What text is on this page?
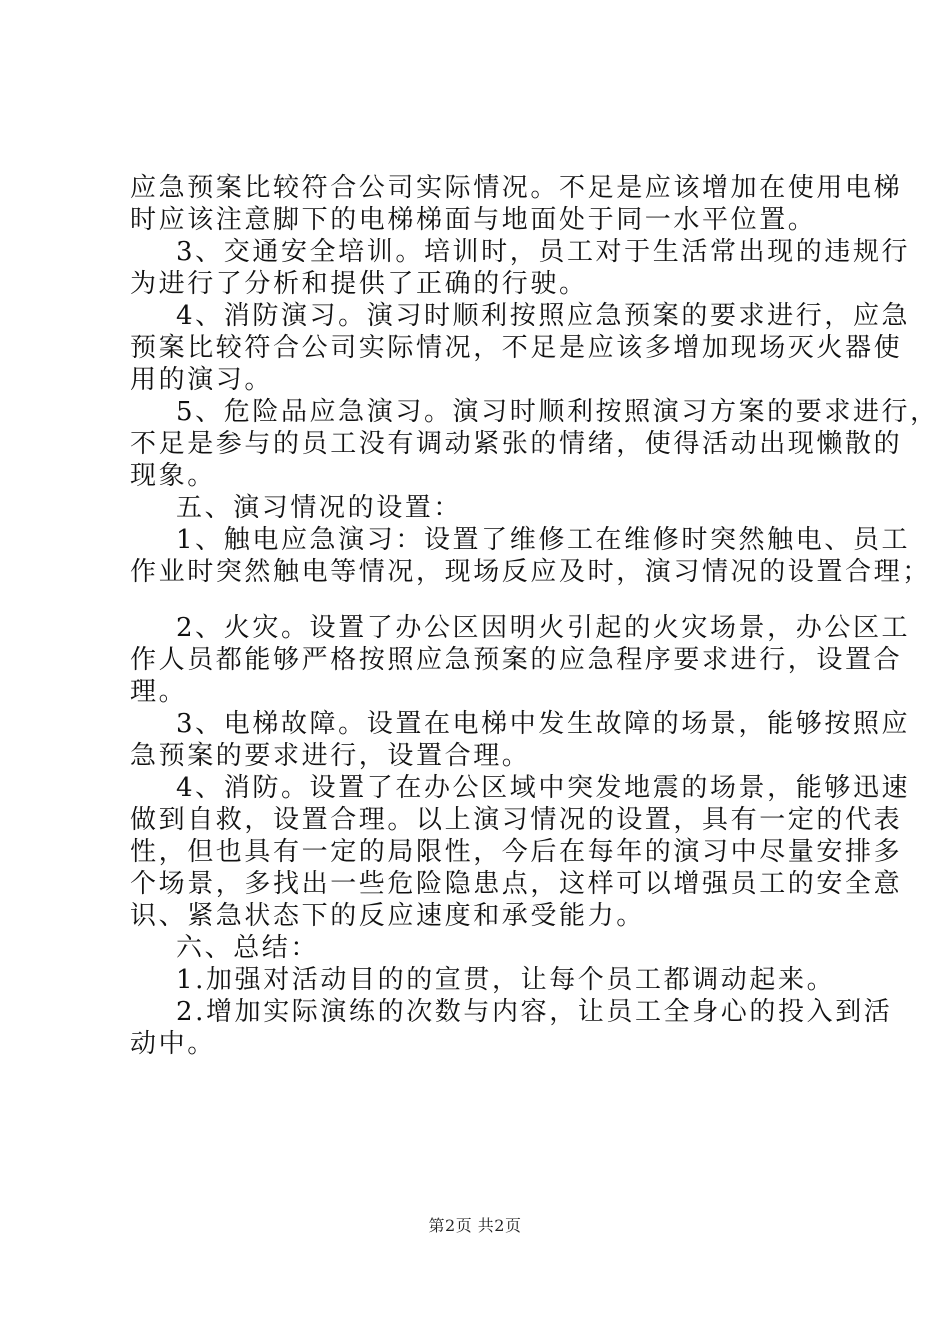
应急预案比较符合公司实际情况。不足是应该增加在使用电梯
时应该注意脚下的电梯梯面与地面处于同一水平位置。
3、交通安全培训。培训时，员工对于生活常出现的违规行
为进行了分析和提供了正确的行驶。
4、消防演习。演习时顺利按照应急预案的要求进行，应急
预案比较符合公司实际情况，不足是应该多增加现场灭火器使
用的演习。
5、危险品应急演习。演习时顺利按照演习方案的要求进行，
不足是参与的员工没有调动紧张的情绪，使得活动出现懒散的
现象。
五、演习情况的设置：
1、触电应急演习：设置了维修工在维修时突然触电、员工
作业时突然触电等情况，现场反应及时，演习情况的设置合理；
2、火灾。设置了办公区因明火引起的火灾场景，办公区工
作人员都能够严格按照应急预案的应急程序要求进行，设置合
理。
3、电梯故障。设置在电梯中发生故障的场景，能够按照应
急预案的要求进行，设置合理。
4、消防。设置了在办公区域中突发地震的场景，能够迅速
做到自救，设置合理。以上演习情况的设置，具有一定的代表
性，但也具有一定的局限性，今后在每年的演习中尽量安排多
个场景，多找出一些危险隐患点，这样可以增强员工的安全意
识、紧急状态下的反应速度和承受能力。
六、总结：
1.加强对活动目的的宣贯，让每个员工都调动起来。
2.增加实际演练的次数与内容，让员工全身心的投入到活
动中。
第2页 共2页
